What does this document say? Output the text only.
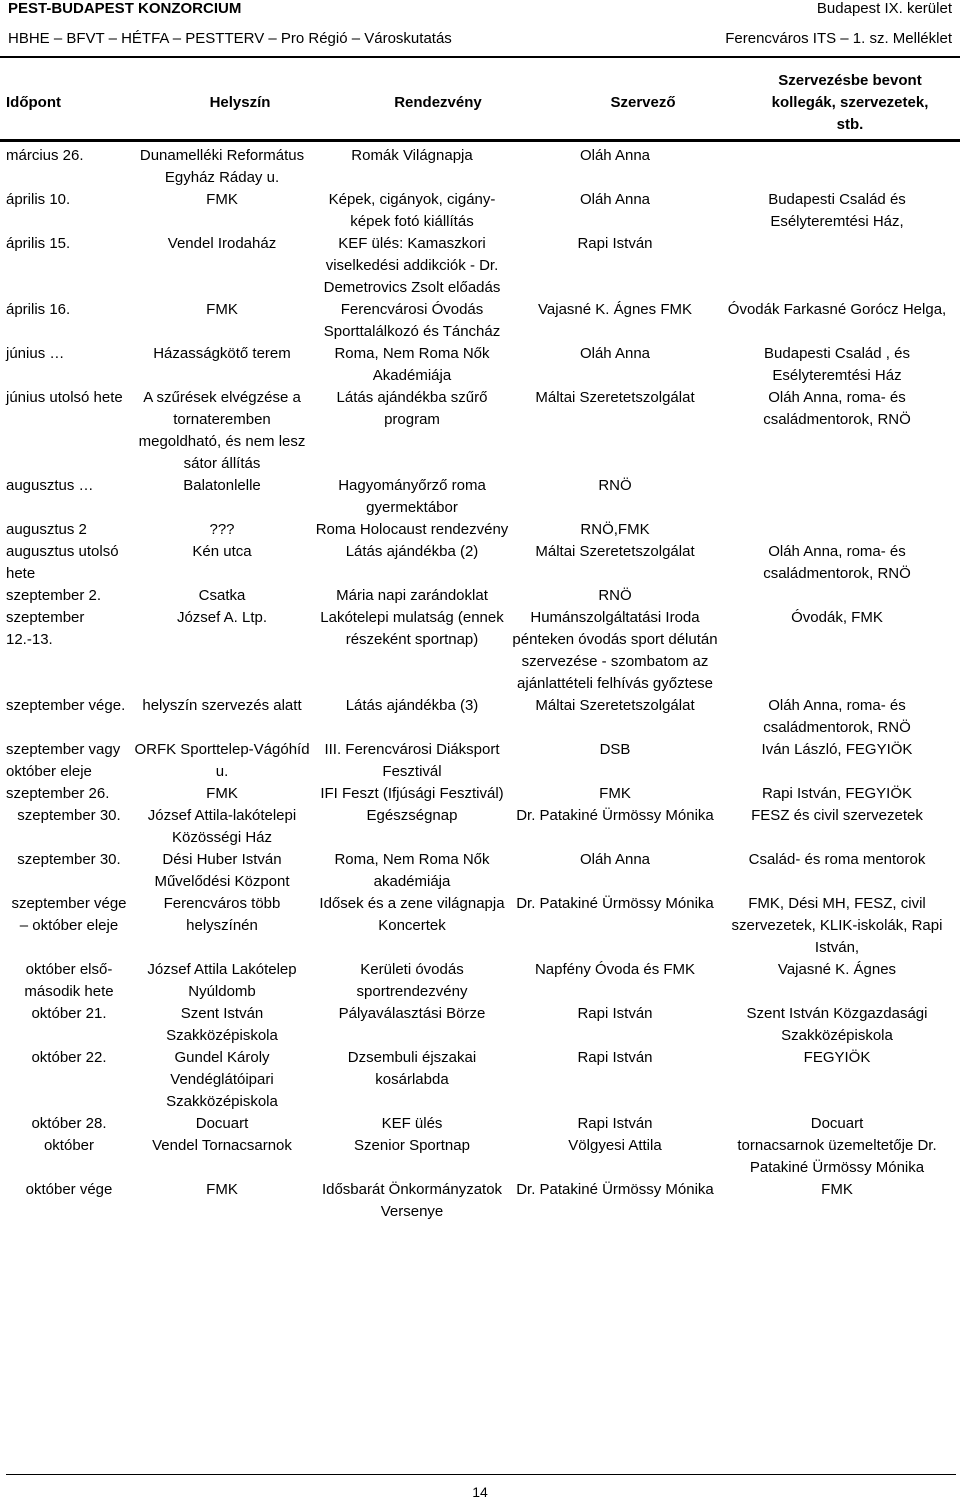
PEST-BUDAPEST KONZORCIUM	Budapest IX. kerület
HBHE – BFVT – HÉTFA – PESTTERV – Pro Régió – Városkutatás	Ferencváros ITS – 1. sz. Melléklet
Időpont	Helyszín	Rendezvény	Szervező
Szervezésbe bevont kollegák, szervezetek, stb.
március 26.	Dunamelléki Református Egyház Ráday u.	Romák Világnapja	Oláh Anna	
április 10.	FMK	Képek, cigányok, cigány-képek fotó kiállítás	Oláh Anna	Budapesti Család és Esélyteremtési Ház,
április 15.	Vendel Irodaház	KEF ülés: Kamaszkori viselkedési addikciók - Dr. Demetrovics Zsolt előadás	Rapi István	
április 16.	FMK	Ferencvárosi Óvodás Sporttalálkozó és Táncház	Vajasné K. Ágnes FMK	Óvodák Farkasné Gorócz Helga,
június …	Házasságkötő terem	Roma, Nem Roma Nők Akadémiája	Oláh Anna	Budapesti Család , és Esélyteremtési Ház
június utolsó hete	A szűrések elvégzése a tornateremben megoldható, és nem lesz sátor állítás	Látás ajándékba szűrő program	Máltai Szeretetszolgálat	Oláh Anna, roma- és családmentorok, RNÖ
augusztus …	Balatonlelle	Hagyományőrző roma gyermektábor	RNÖ	
augusztus 2	???	Roma Holocaust rendezvény	RNÖ,FMK	
augusztus utolsó hete	Kén utca	Látás ajándékba (2)	Máltai Szeretetszolgálat	Oláh Anna, roma- és családmentorok, RNÖ
szeptember 2.	Csatka	Mária napi zarándoklat	RNÖ	
szeptember 12.-13.	József A. Ltp.	Lakótelepi mulatság (ennek részeként sportnap)	Humánszolgáltatási Iroda pénteken óvodás sport délután szervezése - szombatom az ajánlattételi felhívás győztese	Óvodák, FMK
szeptember vége.	helyszín szervezés alatt	Látás ajándékba (3)	Máltai Szeretetszolgálat	Oláh Anna, roma- és családmentorok, RNÖ
szeptember vagy október eleje	ORFK Sporttelep-Vágóhíd u.	III. Ferencvárosi Diáksport Fesztivál	DSB	Iván László, FEGYIÖK
szeptember 26.	FMK	IFI Feszt (Ifjúsági Fesztivál)	FMK	Rapi István, FEGYIÖK
szeptember 30.	József Attila-lakótelepi Közösségi Ház	Egészségnap	Dr. Patakiné Ürmössy Mónika	FESZ és civil szervezetek
szeptember 30.	Dési Huber István Művelődési Központ	Roma, Nem Roma Nők akadémiája	Oláh Anna	Család- és roma mentorok
szeptember vége – október eleje	Ferencváros több helyszínén	Idősek és a zene világnapja Koncertek	Dr. Patakiné Ürmössy Mónika	FMK, Dési MH, FESZ, civil szervezetek, KLIK-iskolák, Rapi István,
október első-második hete	József Attila Lakótelep Nyúldomb	Kerületi óvodás sportrendezvény	Napfény Óvoda és FMK	Vajasné K. Ágnes
október 21.	Szent István Szakközépiskola	Pályaválasztási Börze	Rapi István	Szent István Közgazdasági Szakközépiskola
október 22.	Gundel Károly Vendéglátóipari Szakközépiskola	Dzsembuli éjszakai kosárlabda	Rapi István	FEGYIÖK
október 28.	Docuart	KEF ülés	Rapi István	Docuart
október	Vendel Tornacsarnok	Szenior Sportnap	Völgyesi Attila	tornacsarnok üzemeltetője Dr. Patakiné Ürmössy Mónika
október vége	FMK	Idősbarát Önkormányzatok Versenye	Dr. Patakiné Ürmössy Mónika	FMK
14
